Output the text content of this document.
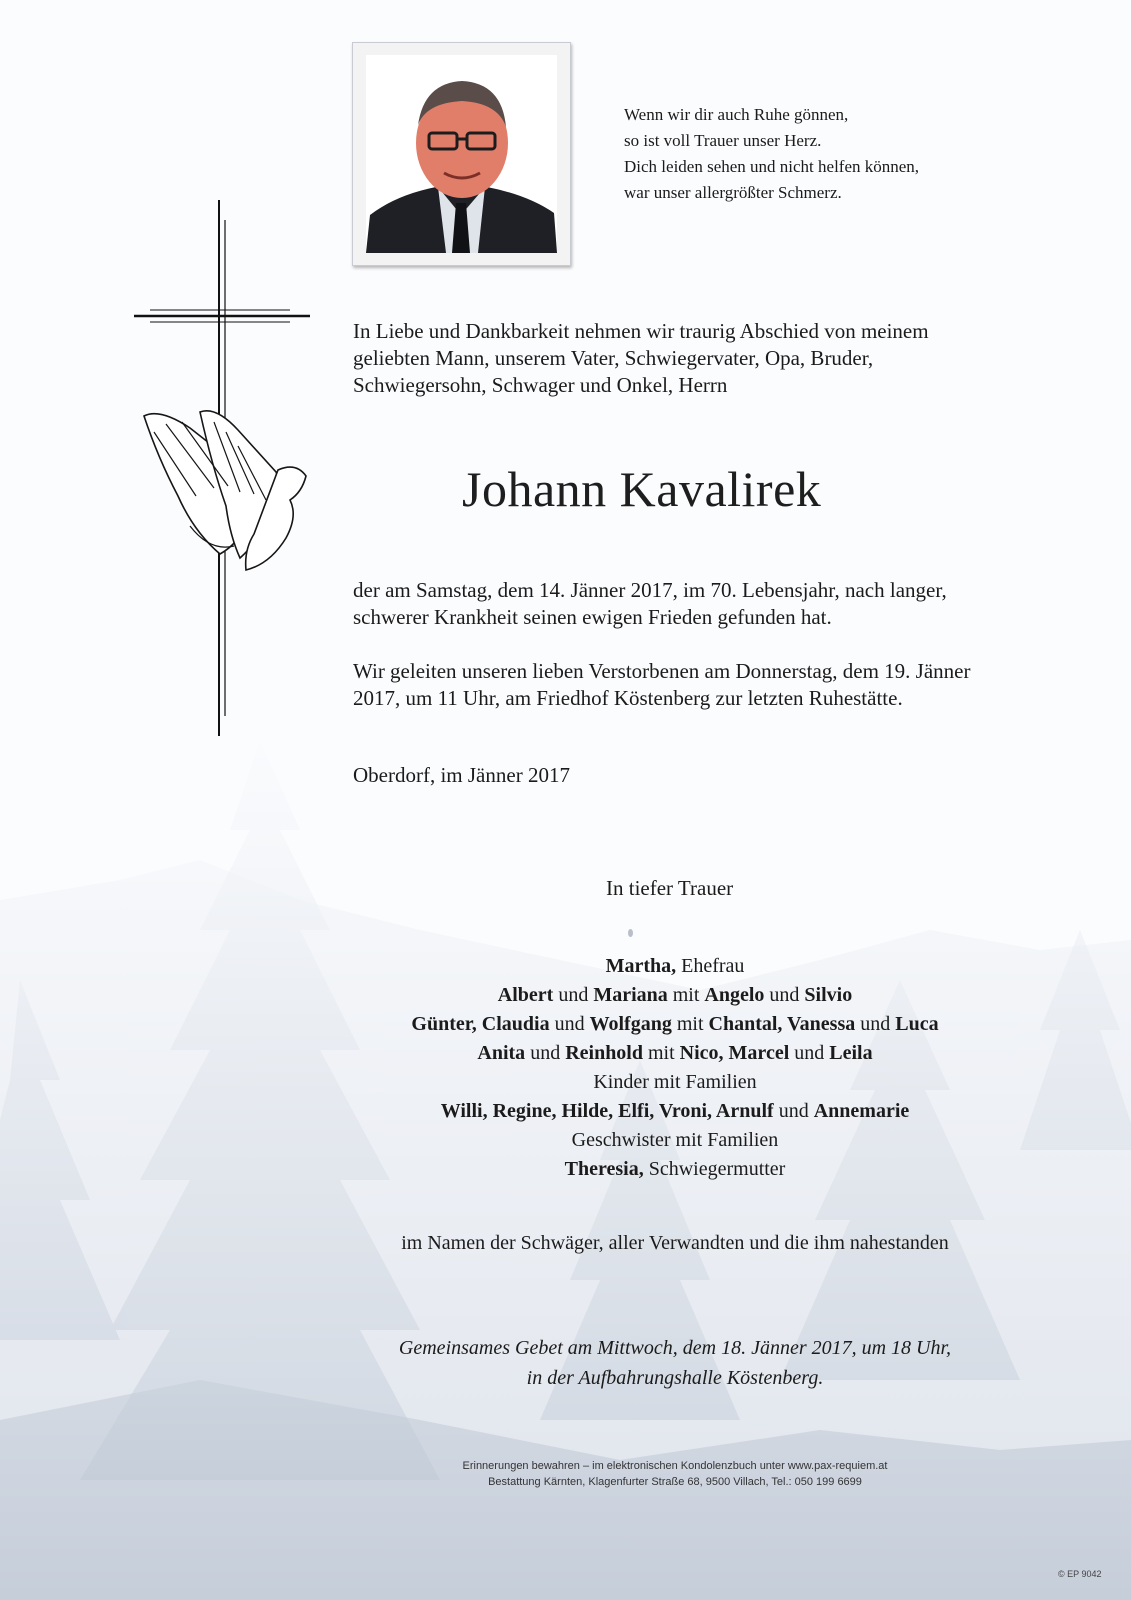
Wenn wir dir auch Ruhe gönnen,
so ist voll Trauer unser Herz.
Dich leiden sehen und nicht helfen können,
war unser allergrößter Schmerz.
In Liebe und Dankbarkeit nehmen wir traurig Abschied von meinem geliebten Mann, unserem Vater, Schwiegervater, Opa, Bruder, Schwiegersohn, Schwager und Onkel, Herrn
Johann Kavalirek
der am Samstag, dem 14. Jänner 2017, im 70. Lebensjahr, nach langer, schwerer Krankheit seinen ewigen Frieden gefunden hat.
Wir geleiten unseren lieben Verstorbenen am Donnerstag, dem 19. Jänner 2017, um 11 Uhr, am Friedhof Köstenberg zur letzten Ruhestätte.
Oberdorf, im Jänner 2017
In tiefer Trauer
Martha, Ehefrau
Albert und Mariana mit Angelo und Silvio
Günter, Claudia und Wolfgang mit Chantal, Vanessa und Luca
Anita und Reinhold mit Nico, Marcel und Leila
Kinder mit Familien
Willi, Regine, Hilde, Elfi, Vroni, Arnulf und Annemarie
Geschwister mit Familien
Theresia, Schwiegermutter
im Namen der Schwäger, aller Verwandten und die ihm nahestanden
Gemeinsames Gebet am Mittwoch, dem 18. Jänner 2017, um 18 Uhr,
in der Aufbahrungshalle Köstenberg.
Erinnerungen bewahren – im elektronischen Kondolenzbuch unter www.pax-requiem.at
Bestattung Kärnten, Klagenfurter Straße 68, 9500 Villach, Tel.: 050 199 6699
© EP 9042
